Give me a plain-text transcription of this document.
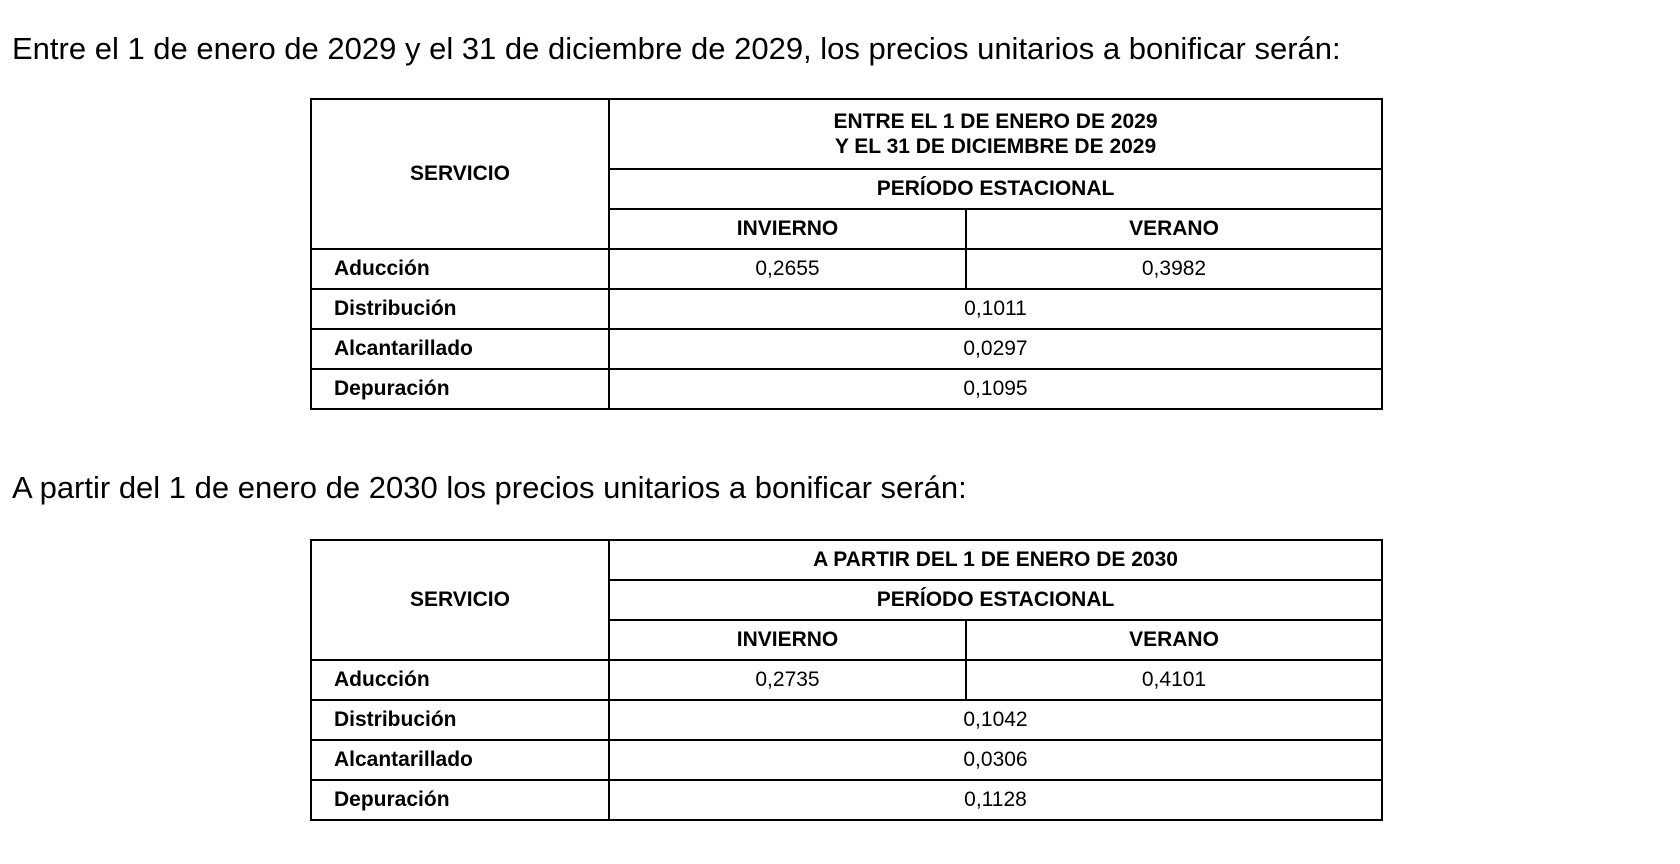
Entre el 1 de enero de 2029 y el 31 de diciembre de 2029, los precios unitarios a bonificar serán:

SERVICIO	ENTRE EL 1 DE ENERO DE 2029
Y EL 31 DE DICIEMBRE DE 2029	
	PERÍODO ESTACIONAL	
	INVIERNO	VERANO
Aducción	0,2655	0,3982
Distribución	0,1011	
Alcantarillado	0,0297	
Depuración	0,1095	

A partir del 1 de enero de 2030 los precios unitarios a bonificar serán:

SERVICIO	A PARTIR DEL 1 DE ENERO DE 2030	
	PERÍODO ESTACIONAL	
	INVIERNO	VERANO
Aducción	0,2735	0,4101
Distribución	0,1042	
Alcantarillado	0,0306	
Depuración	0,1128	
